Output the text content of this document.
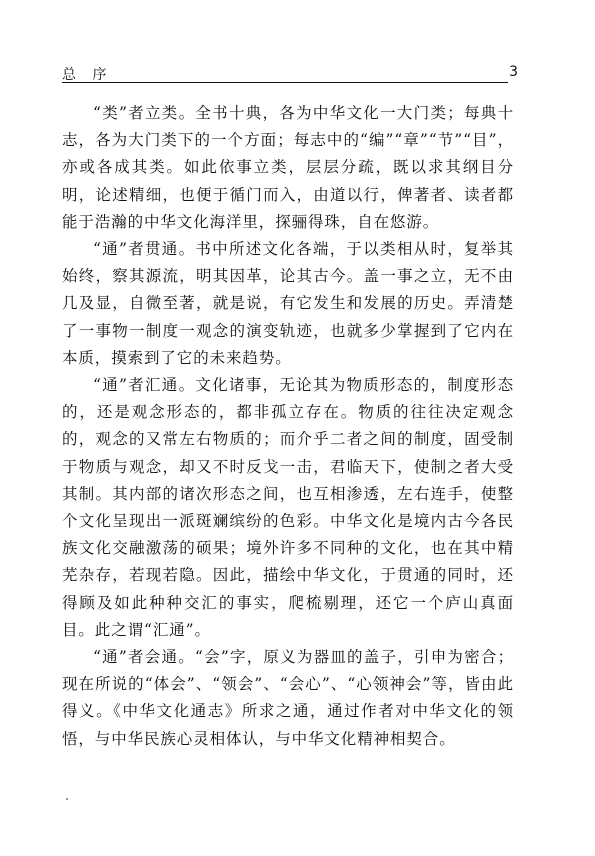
总 序	3

“类”者立类。全书十典，各为中华文化一大门类；每典十志，各为大门类下的一个方面；每志中的“编”“章”“节”“目”，亦或各成其类。如此依事立类，层层分疏，既以求其纲目分明，论述精细，也便于循门而入，由道以行，俾著者、读者都能于浩瀚的中华文化海洋里，探骊得珠，自在悠游。

“通”者贯通。书中所述文化各端，于以类相从时，复举其始终，察其源流，明其因革，论其古今。盖一事之立，无不由几及显，自微至著，就是说，有它发生和发展的历史。弄清楚了一事物一制度一观念的演变轨迹，也就多少掌握到了它内在本质，摸索到了它的未来趋势。

“通”者汇通。文化诸事，无论其为物质形态的，制度形态的，还是观念形态的，都非孤立存在。物质的往往决定观念的，观念的又常左右物质的；而介乎二者之间的制度，固受制于物质与观念，却又不时反戈一击，君临天下，使制之者大受其制。其内部的诸次形态之间，也互相渗透，左右连手，使整个文化呈现出一派斑斓缤纷的色彩。中华文化是境内古今各民族文化交融激荡的硕果；境外许多不同种的文化，也在其中精芜杂存，若现若隐。因此，描绘中华文化，于贯通的同时，还得顾及如此种种交汇的事实，爬梳剔理，还它一个庐山真面目。此之谓“汇通”。

“通”者会通。“会”字，原义为器皿的盖子，引申为密合；现在所说的“体会”、“领会”、“会心”、“心领神会”等，皆由此得义。《中华文化通志》所求之通，通过作者对中华文化的领悟，与中华民族心灵相体认，与中华文化精神相契合。
